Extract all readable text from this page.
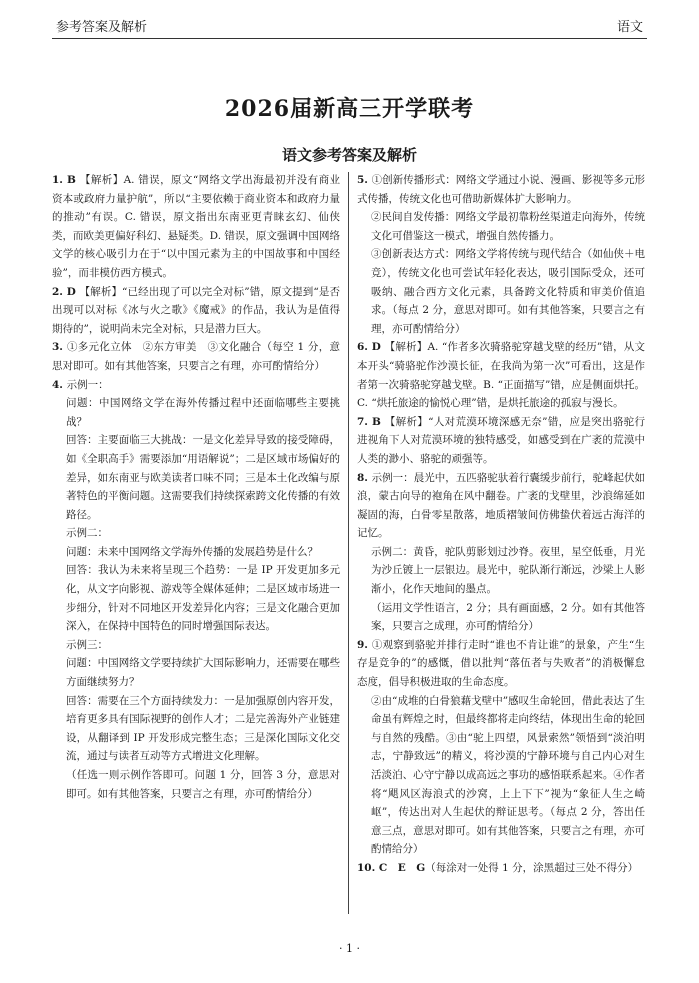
参考答案及解析	语文
2026届新高三开学联考
语文参考答案及解析
1. B 【解析】A. 错误，原文“网络文学出海最初并没有商业资本或政府力量护航”，所以“主要依赖于商业资本和政府力量的推动”有误。C. 错误，原文指出东南亚更青睐玄幻、仙侠类，而欧美更偏好科幻、悬疑类。D. 错误，原文强调中国网络文学的核心吸引力在于“以中国元素为主的中国故事和中国经验”，而非模仿西方模式。
2. D 【解析】“已经出现了可以完全对标”错，原文提到“是否出现可以对标《冰与火之歌》《魔戒》的作品，我认为是值得期待的”，说明尚未完全对标，只是潜力巨大。
3. ①多元化立体　②东方审美　③文化融合（每空 1 分，意思对即可。如有其他答案，只要言之有理，亦可酌情给分）
4. 示例一：
问题：中国网络文学在海外传播过程中还面临哪些主要挑战？
回答：主要面临三大挑战：一是文化差异导致的接受障碍，如《全职高手》需要添加“用语解说”；二是区域市场偏好的差异，如东南亚与欧美读者口味不同；三是本土化改编与原著特色的平衡问题。这需要我们持续探索跨文化传播的有效路径。
示例二：
问题：未来中国网络文学海外传播的发展趋势是什么？
回答：我认为未来将呈现三个趋势：一是 IP 开发更加多元化，从文字向影视、游戏等全媒体延伸；二是区域市场进一步细分，针对不同地区开发差异化内容；三是文化融合更加深入，在保持中国特色的同时增强国际表达。
示例三：
问题：中国网络文学要持续扩大国际影响力，还需要在哪些方面继续努力？
回答：需要在三个方面持续发力：一是加强原创内容开发，培育更多具有国际视野的创作人才；二是完善海外产业链建设，从翻译到 IP 开发形成完整生态；三是深化国际文化交流，通过与读者互动等方式增进文化理解。
（任选一则示例作答即可。问题 1 分，回答 3 分，意思对即可。如有其他答案，只要言之有理，亦可酌情给分）
5. ①创新传播形式：网络文学通过小说、漫画、影视等多元形式传播，传统文化也可借助新媒体扩大影响力。
②民间自发传播：网络文学最初靠粉丝渠道走向海外，传统文化可借鉴这一模式，增强自然传播力。
③创新表达方式：网络文学将传统与现代结合（如仙侠＋电竞），传统文化也可尝试年轻化表达，吸引国际受众，还可吸纳、融合西方文化元素，具备跨文化特质和审美价值追求。（每点 2 分，意思对即可。如有其他答案，只要言之有理，亦可酌情给分）
6. D 【解析】A. “作者多次骑骆驼穿越戈壁的经历”错，从文本开头“骑骆驼作沙漠长征，在我尚为第一次”可看出，这是作者第一次骑骆驼穿越戈壁。B. “正面描写”错，应是侧面烘托。C. “烘托旅途的愉悦心理”错，是烘托旅途的孤寂与漫长。
7. B 【解析】“人对荒漠环境深感无奈”错，应是突出骆驼行进视角下人对荒漠环境的独特感受，如感受到在广袤的荒漠中人类的渺小、骆驼的顽强等。
8. 示例一：晨光中，五匹骆驼驮着行囊缓步前行，驼峰起伏如浪，蒙古向导的袍角在风中翻卷。广袤的戈壁里，沙浪绵延如凝固的海，白骨零星散落，地质褶皱间仿佛蛰伏着远古海洋的记忆。
示例二：黄昏，驼队剪影划过沙脊。夜里，星空低垂，月光为沙丘镀上一层银边。晨光中，驼队渐行渐远，沙梁上人影渐小，化作天地间的墨点。
（运用文学性语言，2 分；具有画面感，2 分。如有其他答案，只要言之成理，亦可酌情给分）
9. ①观察到骆驼并排行走时“谁也不肯让谁”的景象，产生“生存是竞争的”的感慨，借以批判“落伍者与失败者”的消极懈怠态度，倡导积极进取的生命态度。
②由“成堆的白骨狼藉戈壁中”感叹生命轮回，借此表达了生命虽有辉煌之时，但最终都将走向终结，体现出生命的轮回与自然的残酷。③由“驼上四望，风景索然”领悟到“淡泊明志，宁静致远”的精义，将沙漠的宁静环境与自己内心对生活淡泊、心守宁静以成高远之事功的感悟联系起来。④作者将“飓风区海浪式的沙窝，上上下下”视为“象征人生之崎岖”，传达出对人生起伏的辩证思考。（每点 2 分，答出任意三点，意思对即可。如有其他答案，只要言之有理，亦可酌情给分）
10. C　E　G（每涂对一处得 1 分，涂黑超过三处不得分）
· 1 ·
